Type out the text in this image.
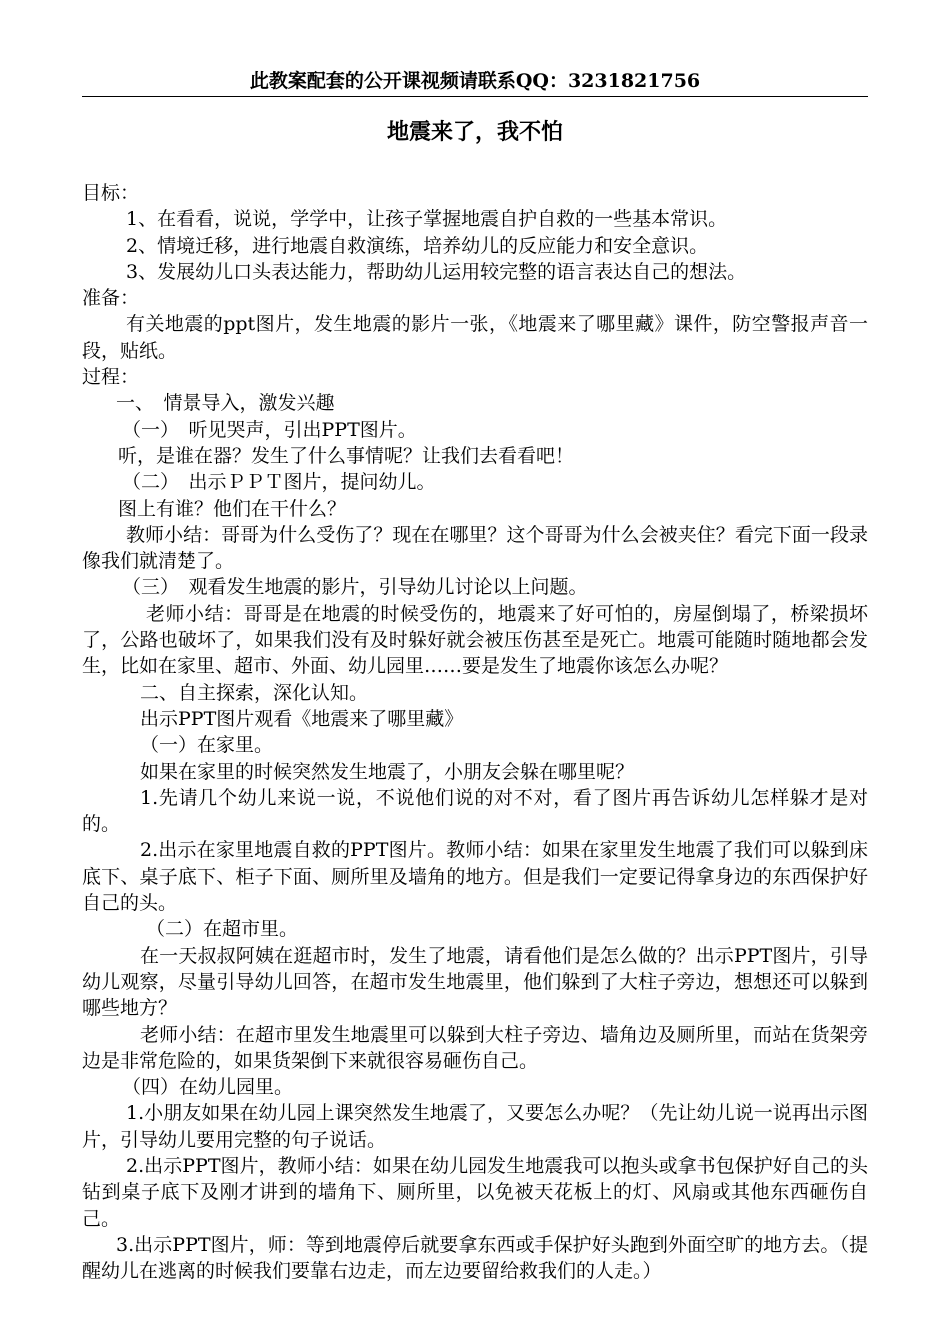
此教案配套的公开课视频请联系QQ：3231821756
地震来了，我不怕

目标：

1、在看看，说说，学学中，让孩子掌握地震自护自救的一些基本常识。

2、情境迁移，进行地震自救演练，培养幼儿的反应能力和安全意识。

3、发展幼儿口头表达能力，帮助幼儿运用较完整的语言表达自己的想法。

准备：

有关地震的ppt图片，发生地震的影片一张，《地震来了哪里藏》课件，防空警报声音一段，贴纸。

过程：

一、　情景导入，激发兴趣

（一）　听见哭声，引出PPT图片。

听，是谁在器？发生了什么事情呢？让我们去看看吧！

（二）　出示ＰＰＴ图片，提问幼儿。

图上有谁？他们在干什么？

教师小结：哥哥为什么受伤了？现在在哪里？这个哥哥为什么会被夹住？看完下面一段录像我们就清楚了。

（三）　观看发生地震的影片，引导幼儿讨论以上问题。

老师小结：哥哥是在地震的时候受伤的，地震来了好可怕的，房屋倒塌了，桥梁损坏了，公路也破坏了，如果我们没有及时躲好就会被压伤甚至是死亡。地震可能随时随地都会发生，比如在家里、超市、外面、幼儿园里……要是发生了地震你该怎么办呢？

二、自主探索，深化认知。

出示PPT图片观看《地震来了哪里藏》

（一）在家里。

如果在家里的时候突然发生地震了，小朋友会躲在哪里呢？

1.先请几个幼儿来说一说，不说他们说的对不对，看了图片再告诉幼儿怎样躲才是对的。

2.出示在家里地震自救的PPT图片。教师小结：如果在家里发生地震了我们可以躲到床底下、桌子底下、柜子下面、厕所里及墙角的地方。但是我们一定要记得拿身边的东西保护好自己的头。

（二）在超市里。

在一天叔叔阿姨在逛超市时，发生了地震，请看他们是怎么做的？出示PPT图片，引导幼儿观察，尽量引导幼儿回答，在超市发生地震里，他们躲到了大柱子旁边，想想还可以躲到哪些地方？

老师小结：在超市里发生地震里可以躲到大柱子旁边、墙角边及厕所里，而站在货架旁边是非常危险的，如果货架倒下来就很容易砸伤自己。

（四）在幼儿园里。

1.小朋友如果在幼儿园上课突然发生地震了，又要怎么办呢？（先让幼儿说一说再出示图片，引导幼儿要用完整的句子说话。

2.出示PPT图片，教师小结：如果在幼儿园发生地震我可以抱头或拿书包保护好自己的头钻到桌子底下及刚才讲到的墙角下、厕所里，以免被天花板上的灯、风扇或其他东西砸伤自己。

3.出示PPT图片，师：等到地震停后就要拿东西或手保护好头跑到外面空旷的地方去。（提醒幼儿在逃离的时候我们要靠右边走，而左边要留给救我们的人走。）
